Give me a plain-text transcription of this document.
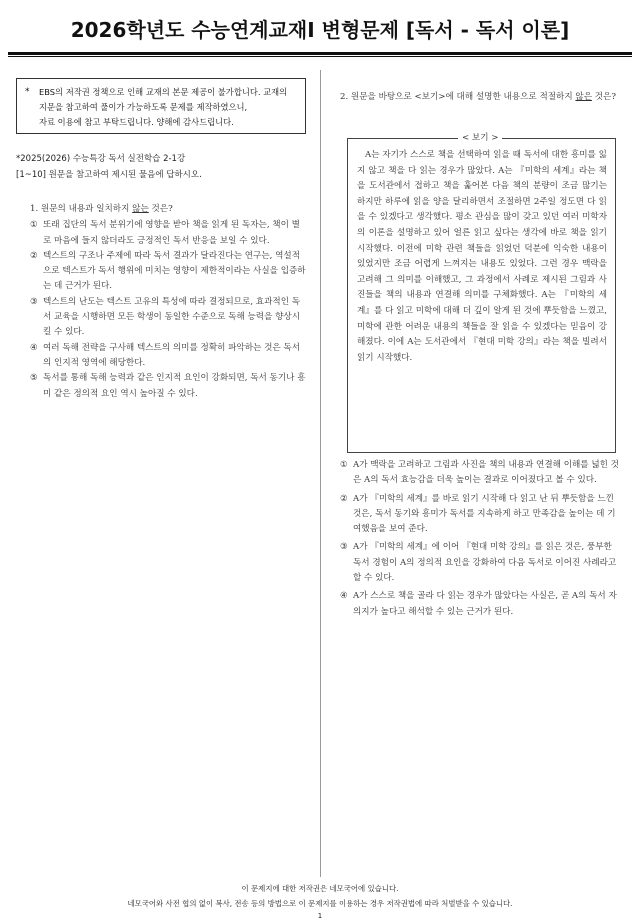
2026학년도 수능연계교재Ⅰ 변형문제 [독서 - 독서 이론]
* EBS의 저작권 정책으로 인해 교재의 본문 제공이 불가합니다. 교재의
지문을 참고하여 풀이가 가능하도록 문제를 제작하였으니,
자료 이용에 참고 부탁드립니다. 양해에 감사드립니다.
*2025(2026) 수능특강 독서 실전학습 2-1강
[1~10] 원문을 참고하여 제시된 물음에 답하시오.

1. 원문의 내용과 일치하지 않는 것은?

① 또래 집단의 독서 분위기에 영향을 받아 책을 읽게 된 독자는, 책이 별로 마음에 들지 않더라도 긍정적인 독서 반응을 보일 수 있다.
② 텍스트의 구조나 주제에 따라 독서 결과가 달라진다는 연구는, 역설적으로 텍스트가 독서 행위에 미치는 영향이 제한적이라는 사실을 입증하는 데 근거가 된다.
③ 텍스트의 난도는 텍스트 고유의 특성에 따라 결정되므로, 효과적인 독서 교육을 시행하면 모든 학생이 동일한 수준으로 독해 능력을 향상시킬 수 있다.
④ 여러 독해 전략을 구사해 텍스트의 의미를 정확히 파악하는 것은 독서의 인지적 영역에 해당한다.
⑤ 독서를 통해 독해 능력과 같은 인지적 요인이 강화되면, 독서 동기나 흥미 같은 정의적 요인 역시 높아질 수 있다.

2. 원문을 바탕으로 <보기>에 대해 설명한 내용으로 적절하지 않은 것은?

< 보기 >
A는 자기가 스스로 책을 선택하여 읽을 때 독서에 대한 흥미를 잃지 않고 책을 다 읽는 경우가 많았다. A는 『미학의 세계』라는 책을 도서관에서 접하고 책을 훑어본 다음 책의 분량이 조금 많기는 하지만 하루에 읽을 양을 달리하면서 조절하면 2주일 정도면 다 읽을 수 있겠다고 생각했다. 평소 관심을 많이 갖고 있던 여러 미학자의 이론을 설명하고 있어 얼른 읽고 싶다는 생각에 바로 책을 읽기 시작했다. 이전에 미학 관련 책들을 읽었던 덕분에 익숙한 내용이 있었지만 조금 어렵게 느껴지는 내용도 있었다. 그런 경우 맥락을 고려해 그 의미를 이해했고, 그 과정에서 사례로 제시된 그림과 사진들을 책의 내용과 연결해 의미를 구체화했다. A는 『미학의 세계』를 다 읽고 미학에 대해 더 깊이 알게 된 것에 뿌듯함을 느꼈고, 미학에 관한 어려운 내용의 책들을 잘 읽을 수 있겠다는 믿음이 강해졌다. 이에 A는 도서관에서 『현대 미학 강의』라는 책을 빌려서 읽기 시작했다.
① A가 맥락을 고려하고 그림과 사진을 책의 내용과 연결해 이해를 넓힌 것은 A의 독서 효능감을 더욱 높이는 결과로 이어졌다고 볼 수 있다.
② A가 『미학의 세계』를 바로 읽기 시작해 다 읽고 난 뒤 뿌듯함을 느낀 것은, 독서 동기와 흥미가 독서를 지속하게 하고 만족감을 높이는 데 기여했음을 보여 준다.
③ A가 『미학의 세계』에 이어 『현대 미학 강의』를 읽은 것은, 풍부한 독서 경험이 A의 정의적 요인을 강화하여 다음 독서로 이어진 사례라고 할 수 있다.
④ A가 스스로 책을 골라 다 읽는 경우가 많았다는 사실은, 곧 A의 독서 자의지가 높다고 해석할 수 있는 근거가 된다.
이 문제지에 대한 저작권은 네모국어에 있습니다.
네모국어와 사전 협의 없이 복사, 전송 등의 방법으로 이 문제지를 이용하는 경우 저작권법에 따라 처벌받을 수 있습니다.
1
